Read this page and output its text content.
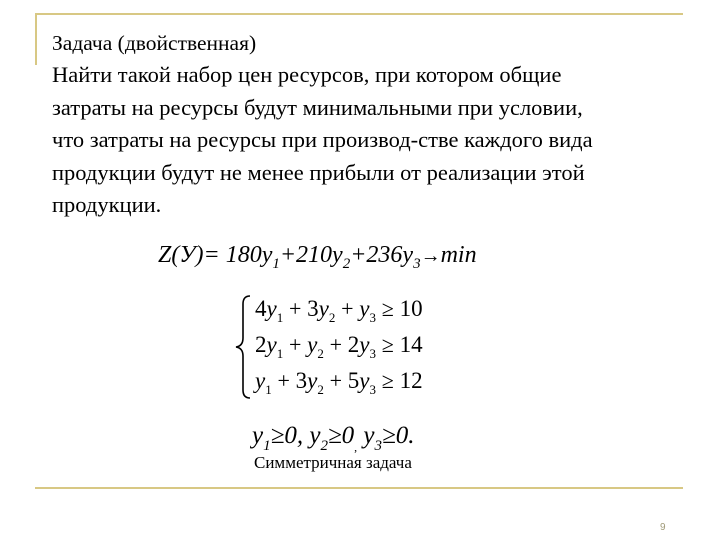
Задача (двойственная)
Найти такой набор цен ресурсов, при котором общие
затраты на ресурсы будут минимальными при условии,
что затраты на ресурсы при производ-стве каждого вида
продукции будут не менее прибыли от реализации этой
продукции.
$Z(У)= 180y_1+210y_2+236y_3\to\min$
$4y_1 + 3y_2 + y_3 \ge 10$
$2y_1 + y_2 + 2y_3 \ge 14$
$y_1 + 3y_2 + 5y_3 \ge 12$
$y_1\ge 0$, $y_2\ge 0_,$ $y_3\ge 0$.
Симметричная задача
9
